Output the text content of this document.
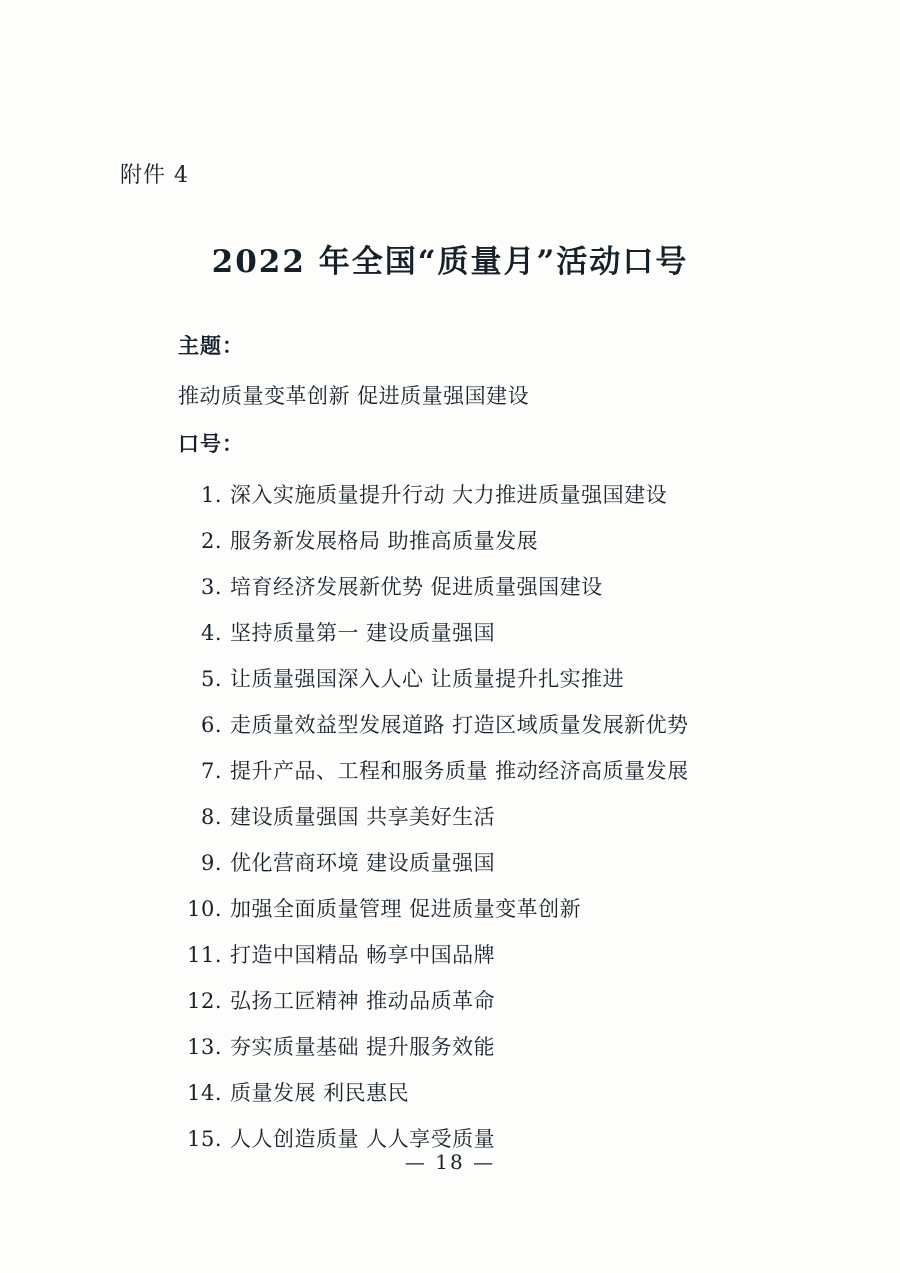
附件 4
2022 年全国“质量月”活动口号
主题：
推动质量变革创新 促进质量强国建设
口号：
1. 深入实施质量提升行动 大力推进质量强国建设
2. 服务新发展格局 助推高质量发展
3. 培育经济发展新优势 促进质量强国建设
4. 坚持质量第一 建设质量强国
5. 让质量强国深入人心 让质量提升扎实推进
6. 走质量效益型发展道路 打造区域质量发展新优势
7. 提升产品、工程和服务质量 推动经济高质量发展
8. 建设质量强国 共享美好生活
9. 优化营商环境 建设质量强国
10. 加强全面质量管理 促进质量变革创新
11. 打造中国精品 畅享中国品牌
12. 弘扬工匠精神 推动品质革命
13. 夯实质量基础 提升服务效能
14. 质量发展 利民惠民
15. 人人创造质量 人人享受质量
— 18 —
